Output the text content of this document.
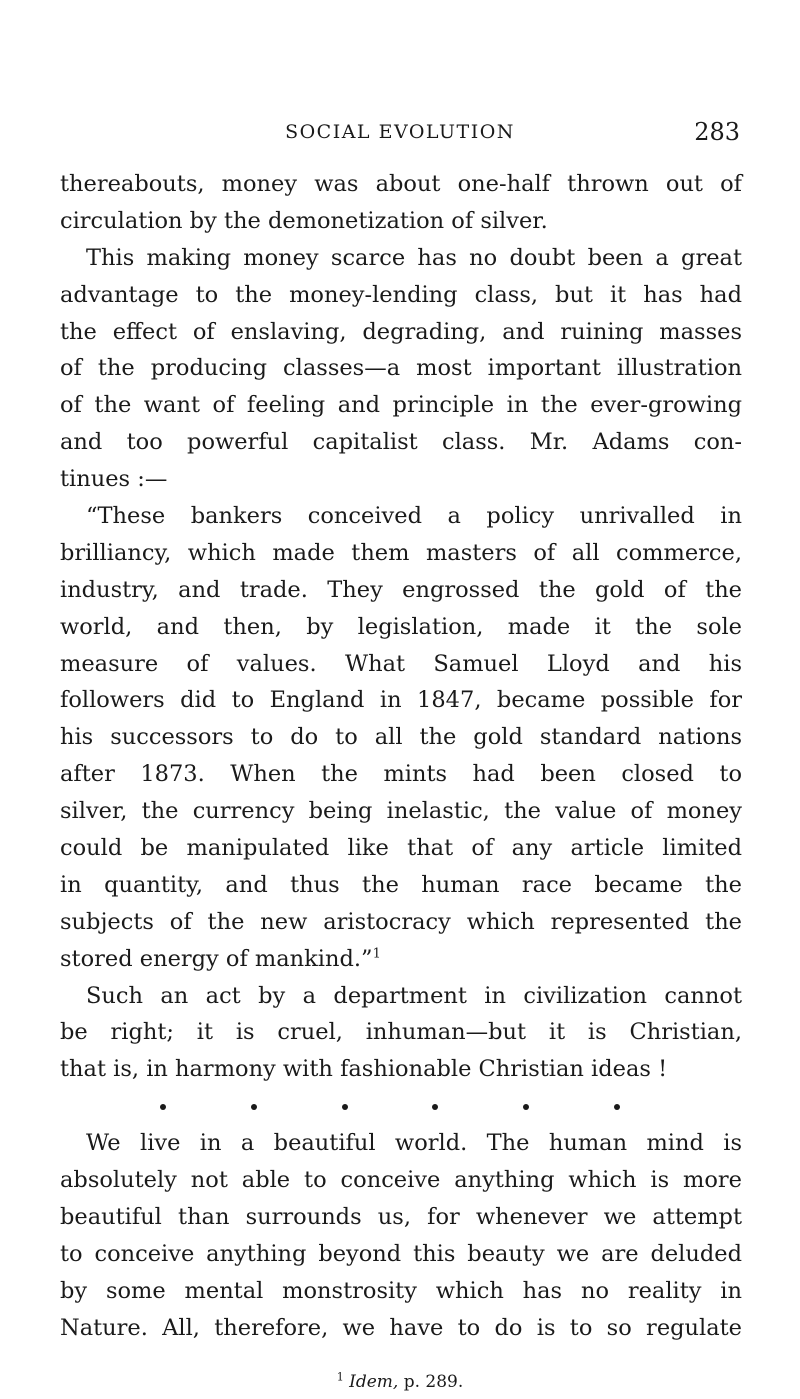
SOCIAL EVOLUTION	283
thereabouts, money was about one-half thrown out of
circulation by the demonetization of silver.
This making money scarce has no doubt been a great
advantage to the money-lending class, but it has had
the effect of enslaving, degrading, and ruining masses
of the producing classes—a most important illustration
of the want of feeling and principle in the ever-growing
and too powerful capitalist class. Mr. Adams con-
tinues :—
“These bankers conceived a policy unrivalled in
brilliancy, which made them masters of all commerce,
industry, and trade. They engrossed the gold of the
world, and then, by legislation, made it the sole
measure of values. What Samuel Lloyd and his
followers did to England in 1847, became possible for
his successors to do to all the gold standard nations
after 1873. When the mints had been closed to
silver, the currency being inelastic, the value of money
could be manipulated like that of any article limited
in quantity, and thus the human race became the
subjects of the new aristocracy which represented the
stored energy of mankind.”$^1$
Such an act by a department in civilization cannot
be right; it is cruel, inhuman—but it is Christian,
that is, in harmony with fashionable Christian ideas !
We live in a beautiful world. The human mind is
absolutely not able to conceive anything which is more
beautiful than surrounds us, for whenever we attempt
to conceive anything beyond this beauty we are deluded
by some mental monstrosity which has no reality in
Nature. All, therefore, we have to do is to so regulate
$^1$ Idem, p. 289.
